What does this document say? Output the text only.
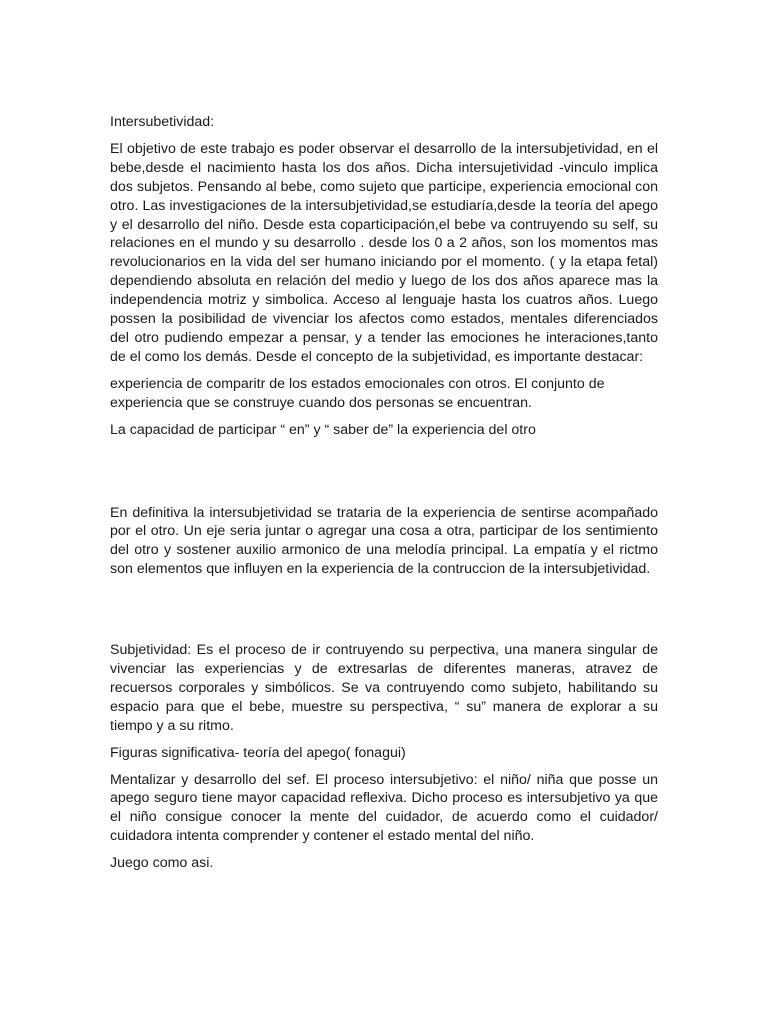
Intersubetividad:

El objetivo de este trabajo es poder observar el desarrollo de la intersubjetividad, en el bebe,desde el nacimiento hasta los dos años. Dicha intersujetividad -vinculo implica dos subjetos. Pensando al bebe, como sujeto que participe, experiencia emocional con otro. Las investigaciones de la intersubjetividad,se estudiaría,desde la teoría del apego y el desarrollo del niño. Desde esta coparticipación,el bebe va contruyendo su self, su relaciones en el mundo y su desarrollo . desde los 0 a 2 años, son los momentos mas revolucionarios en la vida del ser humano iniciando por el momento. ( y la etapa fetal) dependiendo absoluta en relación del medio y luego de los dos años aparece mas la independencia motriz y simbolica. Acceso al lenguaje hasta los cuatros años. Luego possen la posibilidad de vivenciar los afectos como estados, mentales diferenciados del otro pudiendo empezar a pensar, y a tender las emociones he interaciones,tanto de el como los demás. Desde el concepto de la subjetividad, es importante destacar:

experiencia de comparitr de los estados emocionales con otros. El conjunto de experiencia que se construye cuando dos personas se encuentran.

La capacidad de participar “ en” y “ saber de” la experiencia del otro

En definitiva la intersubjetividad se trataria de la experiencia de sentirse acompañado por el otro. Un eje seria juntar o agregar una cosa a otra, participar de los sentimiento del otro y sostener auxilio armonico de una melodía principal. La empatía y el rictmo son elementos que influyen en la experiencia de la contruccion de la intersubjetividad.

Subjetividad: Es el proceso de ir contruyendo su perpectiva, una manera singular de vivenciar las experiencias y de extresarlas de diferentes maneras, atravez de recuersos corporales y simbólicos. Se va contruyendo como subjeto, habilitando su espacio para que el bebe, muestre su perspectiva, “ su” manera de explorar a su tiempo y a su ritmo.

Figuras significativa- teoría del apego( fonagui)

Mentalizar y desarrollo del sef. El proceso intersubjetivo: el niño/ niña que posse un apego seguro tiene mayor capacidad reflexiva. Dicho proceso es intersubjetivo ya que el niño consigue conocer la mente del cuidador, de acuerdo como el cuidador/ cuidadora intenta comprender y contener el estado mental del niño.

Juego como asi.
